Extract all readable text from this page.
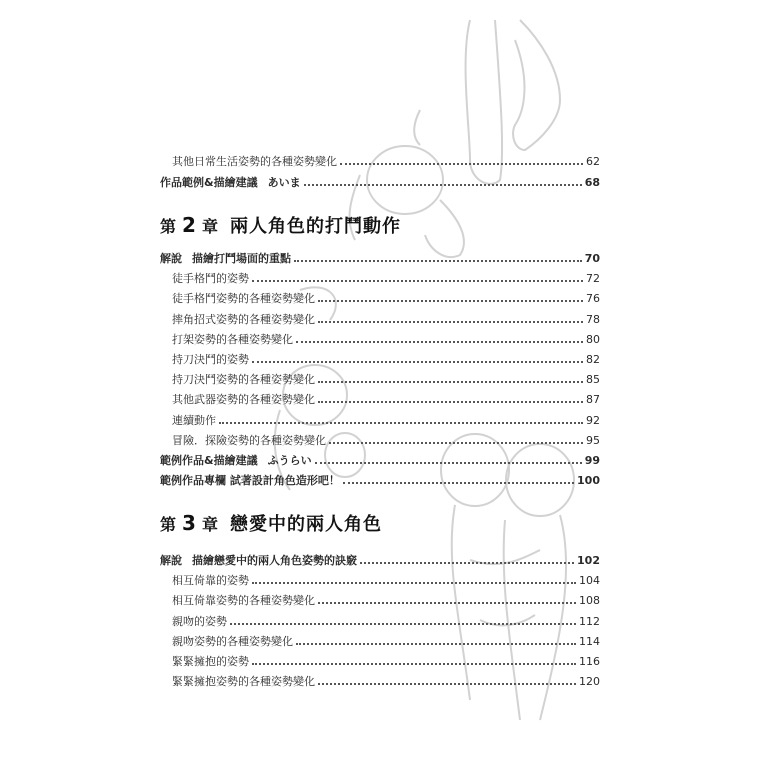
其他日常生活姿勢的各種姿勢變化	62
作品範例&描繪建議 あいま	68
第 2 章 兩人角色的打鬥動作
解說 描繪打鬥場面的重點	70
徒手格鬥的姿勢	72
徒手格鬥姿勢的各種姿勢變化	76
摔角招式姿勢的各種姿勢變化	78
打架姿勢的各種姿勢變化	80
持刀決鬥的姿勢	82
持刀決鬥姿勢的各種姿勢變化	85
其他武器姿勢的各種姿勢變化	87
連續動作	92
冒險．探險姿勢的各種姿勢變化	95
範例作品&描繪建議 ふうらい	99
範例作品專欄 試著設計角色造形吧！	100
第 3 章 戀愛中的兩人角色
解說 描繪戀愛中的兩人角色姿勢的訣竅	102
相互倚靠的姿勢	104
相互倚靠姿勢的各種姿勢變化	108
親吻的姿勢	112
親吻姿勢的各種姿勢變化	114
緊緊擁抱的姿勢	116
緊緊擁抱姿勢的各種姿勢變化	120
